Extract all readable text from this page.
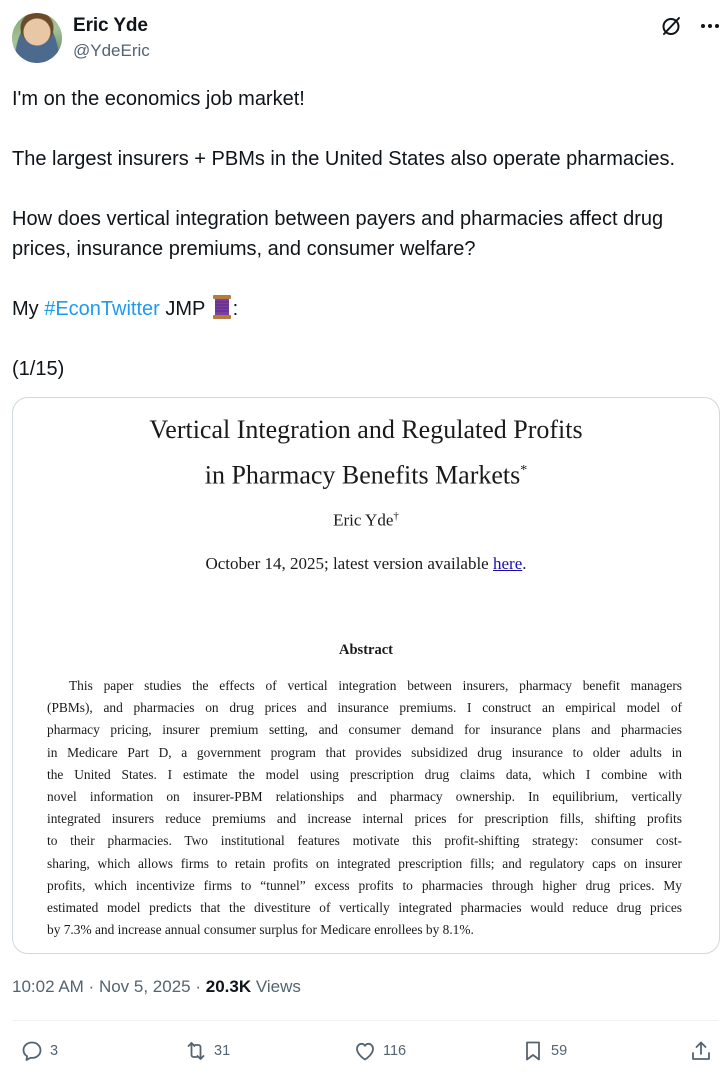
Eric Yde
@YdeEric

I'm on the economics job market!

The largest insurers + PBMs in the United States also operate pharmacies.

How does vertical integration between payers and pharmacies affect drug prices, insurance premiums, and consumer welfare?

My #EconTwitter JMP :

(1/15)

Vertical Integration and Regulated Profits
in Pharmacy Benefits Markets*
Eric Yde†
October 14, 2025; latest version available here.
Abstract
This paper studies the effects of vertical integration between insurers, pharmacy benefit managers
(PBMs), and pharmacies on drug prices and insurance premiums. I construct an empirical model of
pharmacy pricing, insurer premium setting, and consumer demand for insurance plans and pharmacies
in Medicare Part D, a government program that provides subsidized drug insurance to older adults in
the United States. I estimate the model using prescription drug claims data, which I combine with
novel information on insurer-PBM relationships and pharmacy ownership. In equilibrium, vertically
integrated insurers reduce premiums and increase internal prices for prescription fills, shifting profits
to their pharmacies. Two institutional features motivate this profit-shifting strategy: consumer cost-
sharing, which allows firms to retain profits on integrated prescription fills; and regulatory caps on insurer
profits, which incentivize firms to “tunnel” excess profits to pharmacies through higher drug prices. My
estimated model predicts that the divestiture of vertically integrated pharmacies would reduce drug prices
by 7.3% and increase annual consumer surplus for Medicare enrollees by 8.1%.
10:02 AM · Nov 5, 2025 · 20.3K Views
3	31	116	59
